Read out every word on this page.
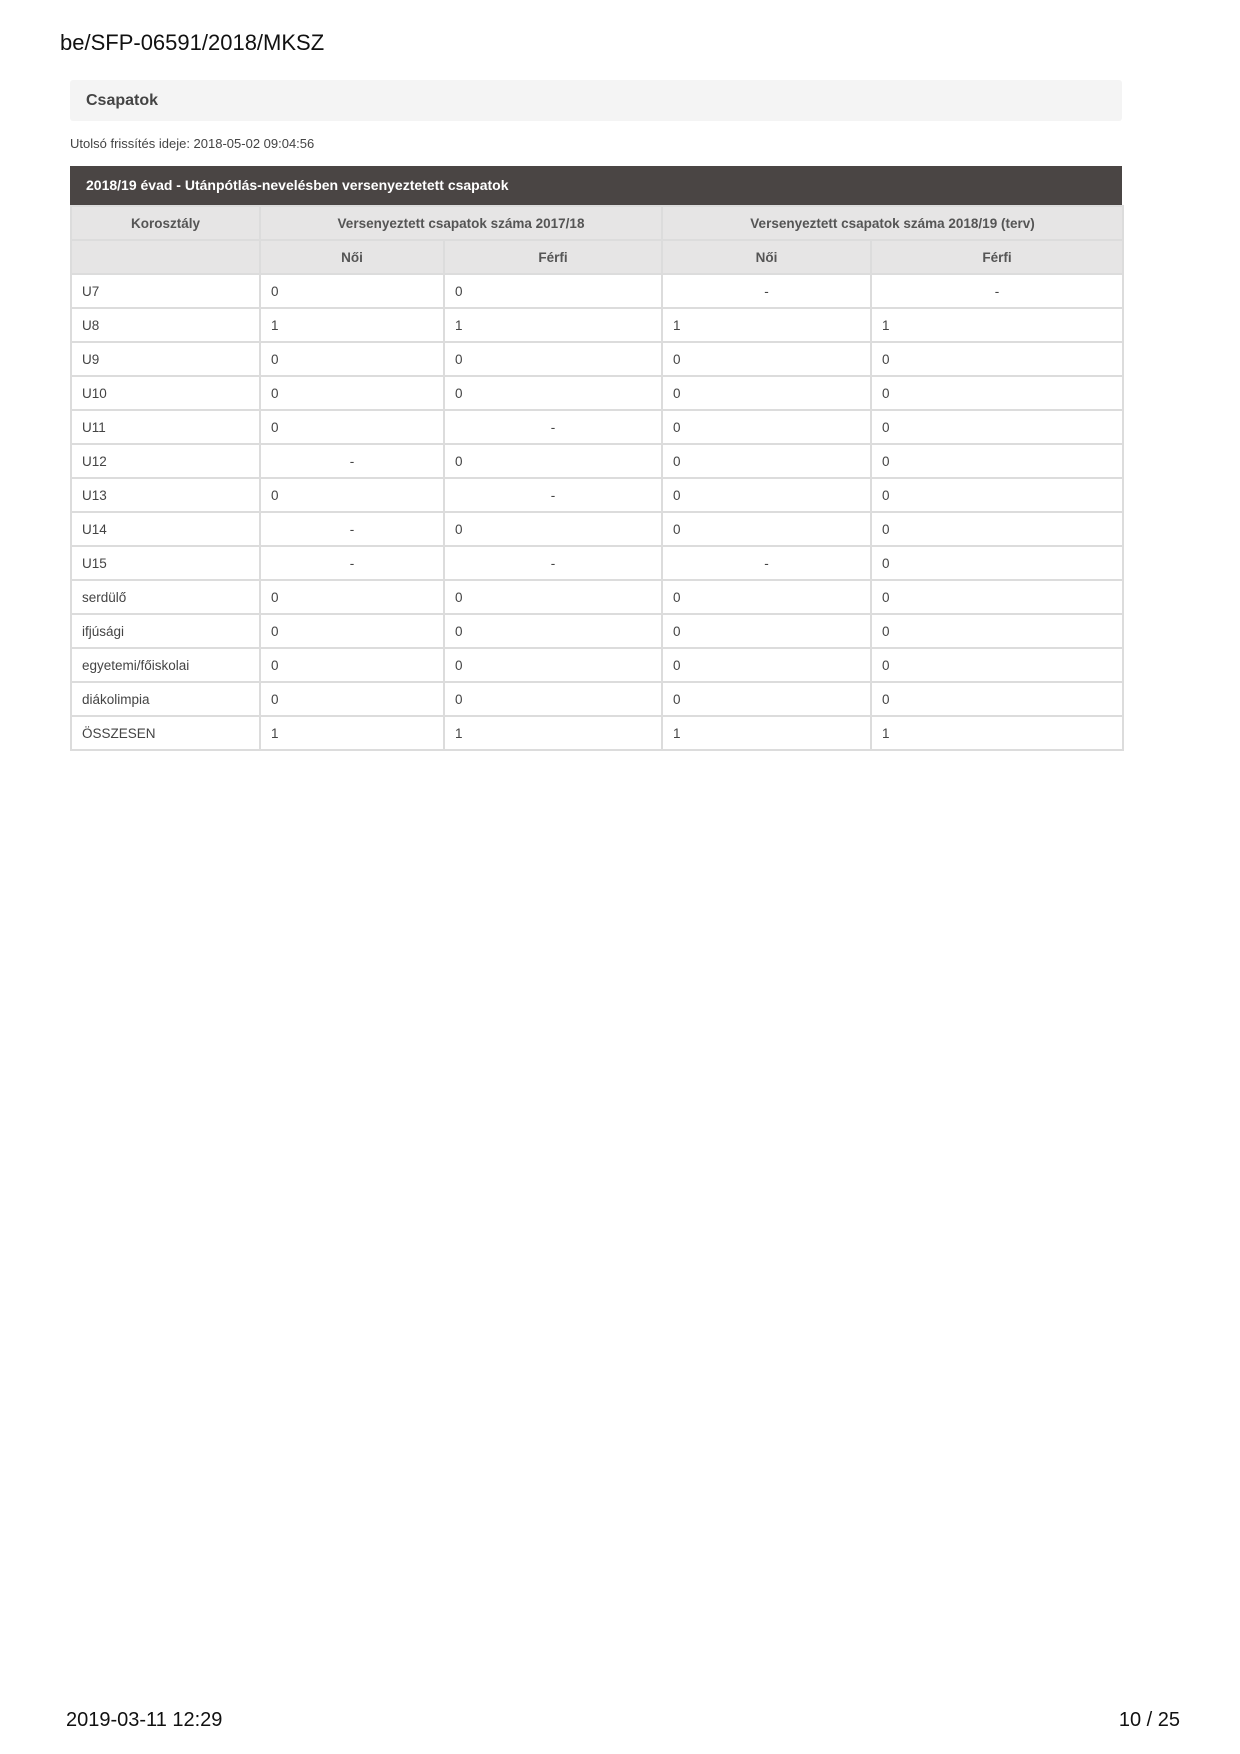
be/SFP-06591/2018/MKSZ
Csapatok
Utolsó frissítés ideje: 2018-05-02 09:04:56
2018/19 évad - Utánpótlás-nevelésben versenyeztetett csapatok
Korosztály	Versenyeztett csapatok száma 2017/18		Versenyeztett csapatok száma 2018/19 (terv)	
	Női	Férfi	Női	Férfi
U7	0	0	-	-
U8	1	1	1	1
U9	0	0	0	0
U10	0	0	0	0
U11	0	-	0	0
U12	-	0	0	0
U13	0	-	0	0
U14	-	0	0	0
U15	-	-	-	0
serdülő	0	0	0	0
ifjúsági	0	0	0	0
egyetemi/főiskolai	0	0	0	0
diákolimpia	0	0	0	0
ÖSSZESEN	1	1	1	1
2019-03-11 12:29	10 / 25
